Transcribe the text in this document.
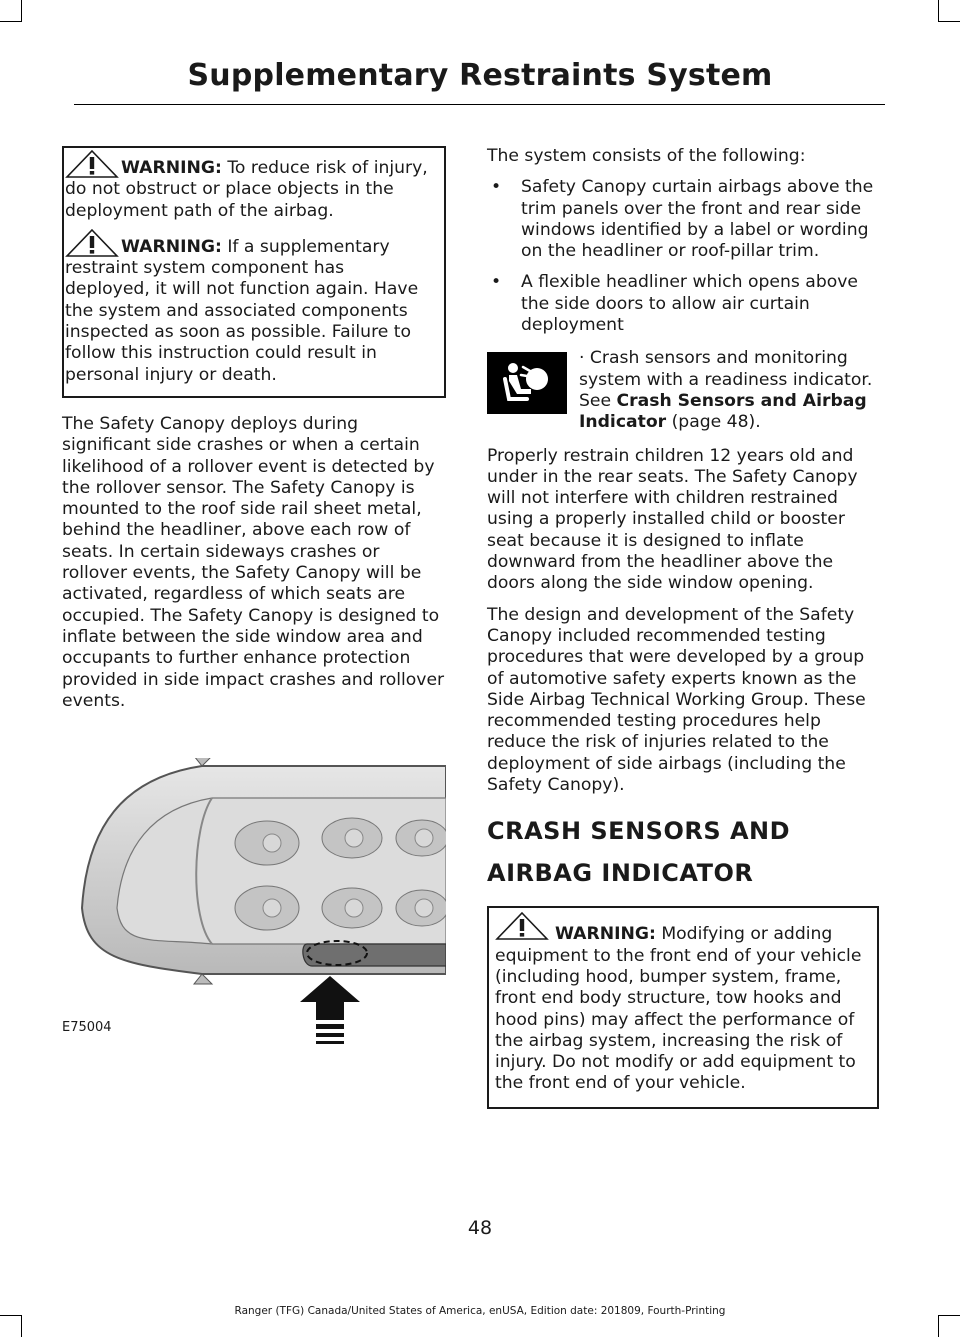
Supplementary Restraints System

WARNING: To reduce risk of injury, do not obstruct or place objects in the deployment path of the airbag.

WARNING: If a supplementary restraint system component has deployed, it will not function again. Have the system and associated components inspected as soon as possible. Failure to follow this instruction could result in personal injury or death.

The Safety Canopy deploys during significant side crashes or when a certain likelihood of a rollover event is detected by the rollover sensor. The Safety Canopy is mounted to the roof side rail sheet metal, behind the headliner, above each row of seats. In certain sideways crashes or rollover events, the Safety Canopy will be activated, regardless of which seats are occupied. The Safety Canopy is designed to inflate between the side window area and occupants to further enhance protection provided in side impact crashes and rollover events.

E75004

The system consists of the following:

• Safety Canopy curtain airbags above the trim panels over the front and rear side windows identified by a label or wording on the headliner or roof-pillar trim.
• A flexible headliner which opens above the side doors to allow air curtain deployment
· Crash sensors and monitoring system with a readiness indicator. See Crash Sensors and Airbag Indicator (page 48).

Properly restrain children 12 years old and under in the rear seats. The Safety Canopy will not interfere with children restrained using a properly installed child or booster seat because it is designed to inflate downward from the headliner above the doors along the side window opening.

The design and development of the Safety Canopy included recommended testing procedures that were developed by a group of automotive safety experts known as the Side Airbag Technical Working Group. These recommended testing procedures help reduce the risk of injuries related to the deployment of side airbags (including the Safety Canopy).

CRASH SENSORS AND
AIRBAG INDICATOR

WARNING: Modifying or adding equipment to the front end of your vehicle (including hood, bumper system, frame, front end body structure, tow hooks and hood pins) may affect the performance of the airbag system, increasing the risk of injury. Do not modify or add equipment to the front end of your vehicle.

48
Ranger (TFG) Canada/United States of America, enUSA, Edition date: 201809, Fourth-Printing
